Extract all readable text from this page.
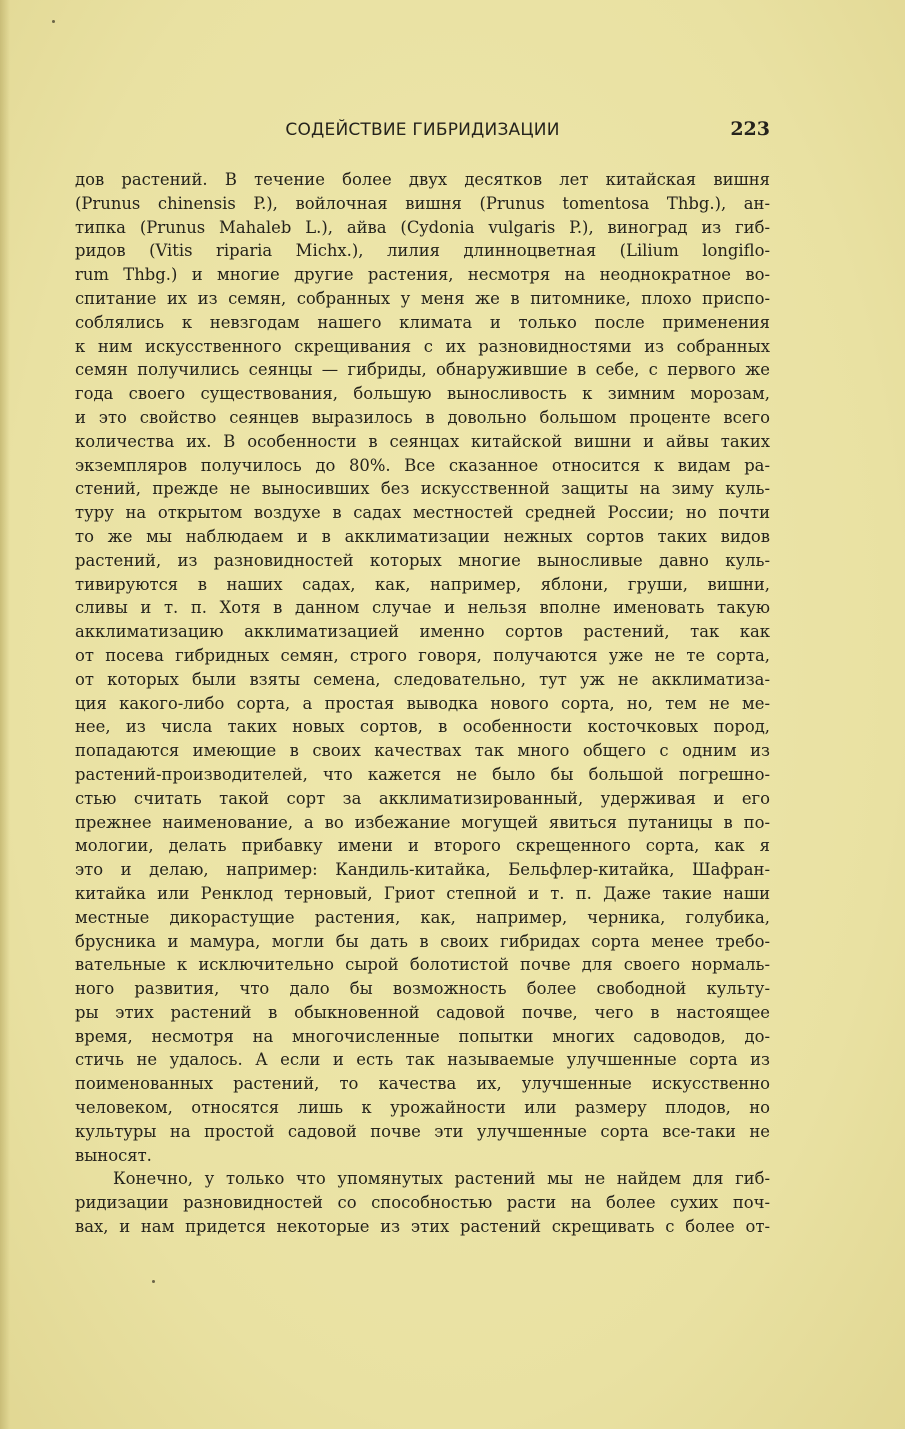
СОДЕЙСТВИЕ ГИБРИДИЗАЦИИ	223
дов растений. В течение более двух десятков лет китайская вишня
(Prunus chinensis P.), войлочная вишня (Prunus tomentosa Thbg.), ан-
типка (Prunus Mahaleb L.), айва (Cydonia vulgaris P.), виноград из гиб-
ридов (Vitis riparia Michx.), лилия длинноцветная (Lilium longiflo-
rum Thbg.) и многие другие растения, несмотря на неоднократное во-
спитание их из семян, собранных у меня же в питомнике, плохо приспо-
соблялись к невзгодам нашего климата и только после применения
к ним искусственного скрещивания с их разновидностями из собранных
семян получились сеянцы — гибриды, обнаружившие в себе, с первого же
года своего существования, большую выносливость к зимним морозам,
и это свойство сеянцев выразилось в довольно большом проценте всего
количества их. В особенности в сеянцах китайской вишни и айвы таких
экземпляров получилось до 80%. Все сказанное относится к видам ра-
стений, прежде не выносивших без искусственной защиты на зиму куль-
туру на открытом воздухе в садах местностей средней России; но почти
то же мы наблюдаем и в акклиматизации нежных сортов таких видов
растений, из разновидностей которых многие выносливые давно куль-
тивируются в наших садах, как, например, яблони, груши, вишни,
сливы и т. п. Хотя в данном случае и нельзя вполне именовать такую
акклиматизацию акклиматизацией именно сортов растений, так как
от посева гибридных семян, строго говоря, получаются уже не те сорта,
от которых были взяты семена, следовательно, тут уж не акклиматиза-
ция какого-либо сорта, а простая выводка нового сорта, но, тем не ме-
нее, из числа таких новых сортов, в особенности косточковых пород,
попадаются имеющие в своих качествах так много общего с одним из
растений-производителей, что кажется не было бы большой погрешно-
стью считать такой сорт за акклиматизированный, удерживая и его
прежнее наименование, а во избежание могущей явиться путаницы в по-
мологии, делать прибавку имени и второго скрещенного сорта, как я
это и делаю, например: Кандиль-китайка, Бельфлер-китайка, Шафран-
китайка или Ренклод терновый, Гриот степной и т. п. Даже такие наши
местные дикорастущие растения, как, например, черника, голубика,
брусника и мамура, могли бы дать в своих гибридах сорта менее требо-
вательные к исключительно сырой болотистой почве для своего нормаль-
ного развития, что дало бы возможность более свободной культу-
ры этих растений в обыкновенной садовой почве, чего в настоящее
время, несмотря на многочисленные попытки многих садоводов, до-
стичь не удалось. А если и есть так называемые улучшенные сорта из
поименованных растений, то качества их, улучшенные искусственно
человеком, относятся лишь к урожайности или размеру плодов, но
культуры на простой садовой почве эти улучшенные сорта все-таки не
выносят.
Конечно, у только что упомянутых растений мы не найдем для гиб-
ридизации разновидностей со способностью расти на более сухих поч-
вах, и нам придется некоторые из этих растений скрещивать с более от-
